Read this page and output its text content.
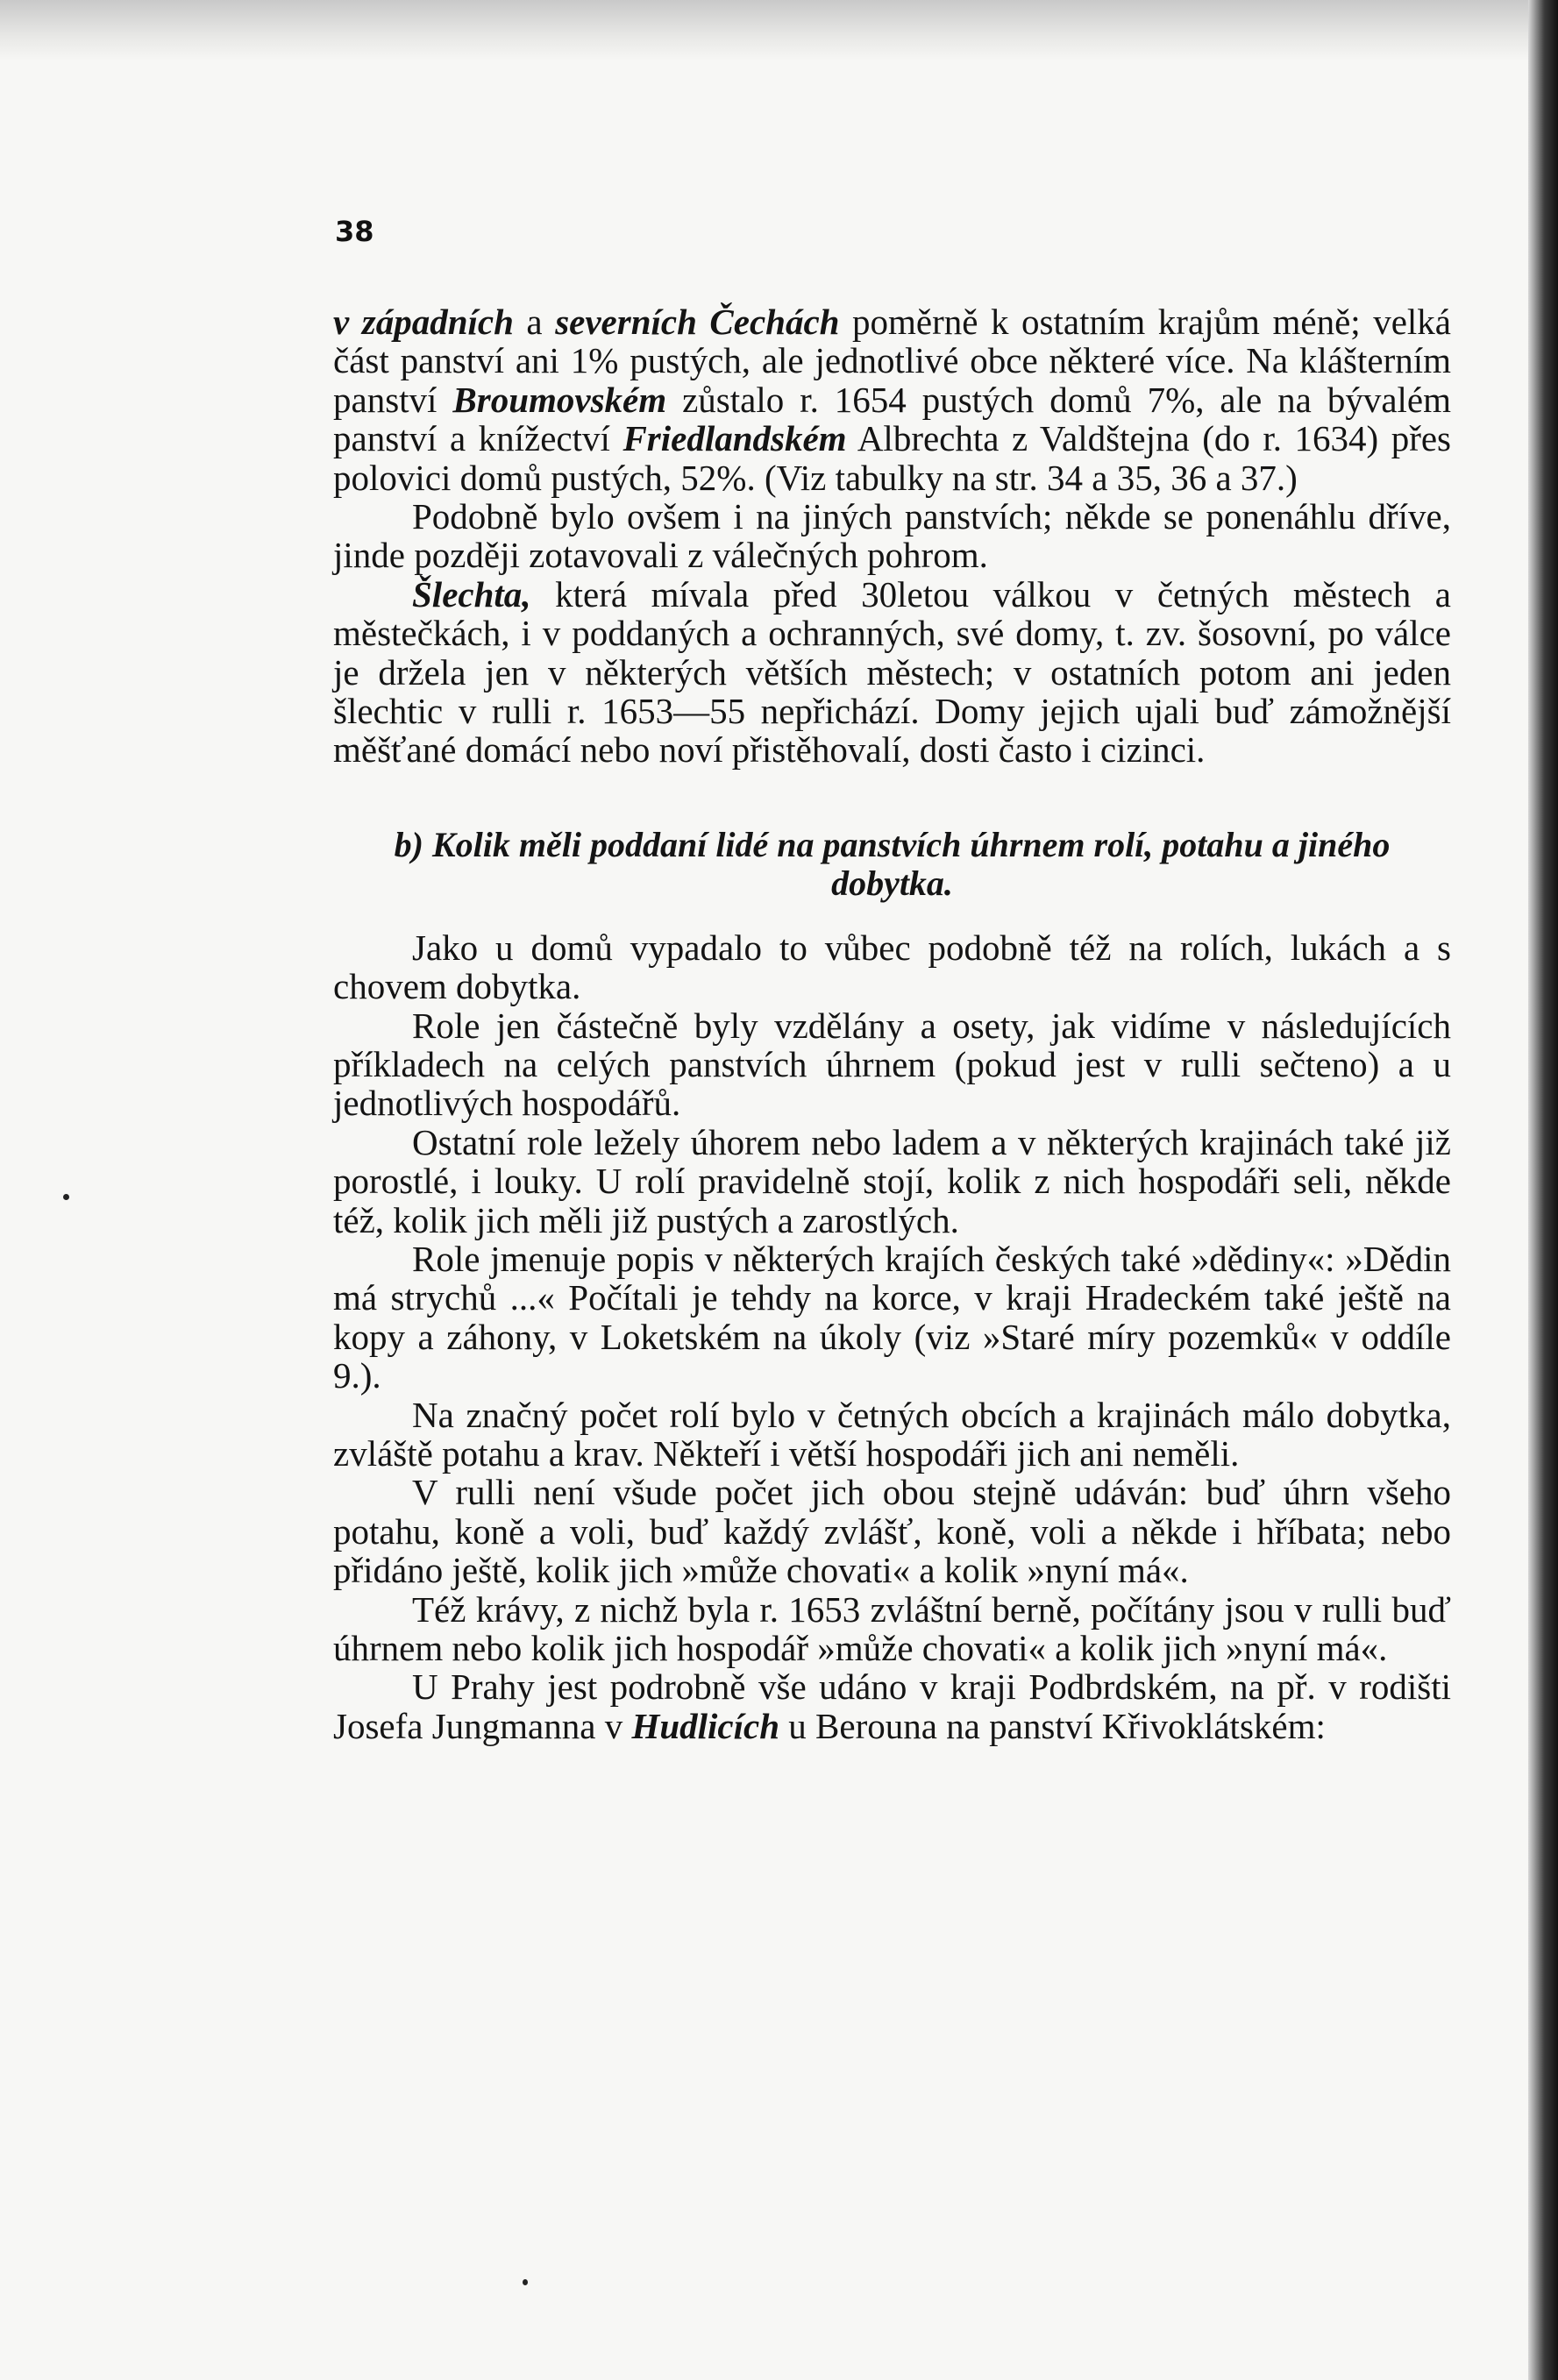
38

v západních a severních Čechách poměrně k ostatním krajům méně; velká část panství ani 1% pustých, ale jednotlivé obce některé více. Na klášterním panství Broumovském zůstalo r. 1654 pustých domů 7%, ale na bývalém panství a knížectví Friedlandském Albrechta z Valdštejna (do r. 1634) přes polovici domů pustých, 52%. (Viz tabulky na str. 34 a 35, 36 a 37.)

Podobně bylo ovšem i na jiných panstvích; někde se ponenáhlu dříve, jinde později zotavovali z válečných pohrom.

Šlechta, která mívala před 30letou válkou v četných městech a městečkách, i v poddaných a ochranných, své domy, t. zv. šosovní, po válce je držela jen v některých větších městech; v ostatních potom ani jeden šlechtic v rulli r. 1653—55 nepřichází. Domy jejich ujali buď zámožnější měšťané domácí nebo noví přistěhovalí, dosti často i cizinci.

b) Kolik měli poddaní lidé na panstvích úhrnem rolí, potahu a jiného
dobytka.

Jako u domů vypadalo to vůbec podobně též na rolích, lukách a s chovem dobytka.

Role jen částečně byly vzdělány a osety, jak vidíme v následujících příkladech na celých panstvích úhrnem (pokud jest v rulli sečteno) a u jednotlivých hospodářů.

Ostatní role ležely úhorem nebo ladem a v některých krajinách také již porostlé, i louky. U rolí pravidelně stojí, kolik z nich hospodáři seli, někde též, kolik jich měli již pustých a zarostlých.

Role jmenuje popis v některých krajích českých také »dědiny«: »Dědin má strychů ...« Počítali je tehdy na korce, v kraji Hradeckém také ještě na kopy a záhony, v Loketském na úkoly (viz »Staré míry pozemků« v oddíle 9.).

Na značný počet rolí bylo v četných obcích a krajinách málo dobytka, zvláště potahu a krav. Někteří i větší hospodáři jich ani neměli.

V rulli není všude počet jich obou stejně udáván: buď úhrn všeho potahu, koně a voli, buď každý zvlášť, koně, voli a někde i hříbata; nebo přidáno ještě, kolik jich »může chovati« a kolik »nyní má«.

Též krávy, z nichž byla r. 1653 zvláštní berně, počítány jsou v rulli buď úhrnem nebo kolik jich hospodář »může chovati« a kolik jich »nyní má«.

U Prahy jest podrobně vše udáno v kraji Podbrdském, na př. v rodišti Josefa Jungmanna v Hudlicích u Berouna na panství Křivoklátském:
